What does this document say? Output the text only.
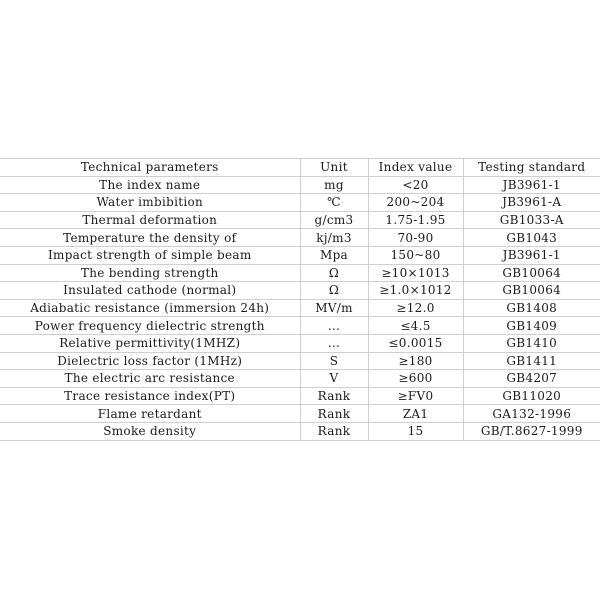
Technical parameters	Unit	Index value	Testing standard
The index name	mg	<20	JB3961-1
Water imbibition	℃	200~204	JB3961-A
Thermal deformation	g/cm3	1.75-1.95	GB1033-A
Temperature the density of	kj/m3	70-90	GB1043
Impact strength of simple beam	Mpa	150~80	JB3961-1
The bending strength	Ω	≥10×1013	GB10064
Insulated cathode (normal)	Ω	≥1.0×1012	GB10064
Adiabatic resistance (immersion 24h)	MV/m	≥12.0	GB1408
Power frequency dielectric strength	...	≤4.5	GB1409
Relative permittivity(1MHZ)	...	≤0.0015	GB1410
Dielectric loss factor (1MHz)	S	≥180	GB1411
The electric arc resistance	V	≥600	GB4207
Trace resistance index(PT)	Rank	≥FV0	GB11020
Flame retardant	Rank	ZA1	GA132-1996
Smoke density	Rank	15	GB/T.8627-1999
